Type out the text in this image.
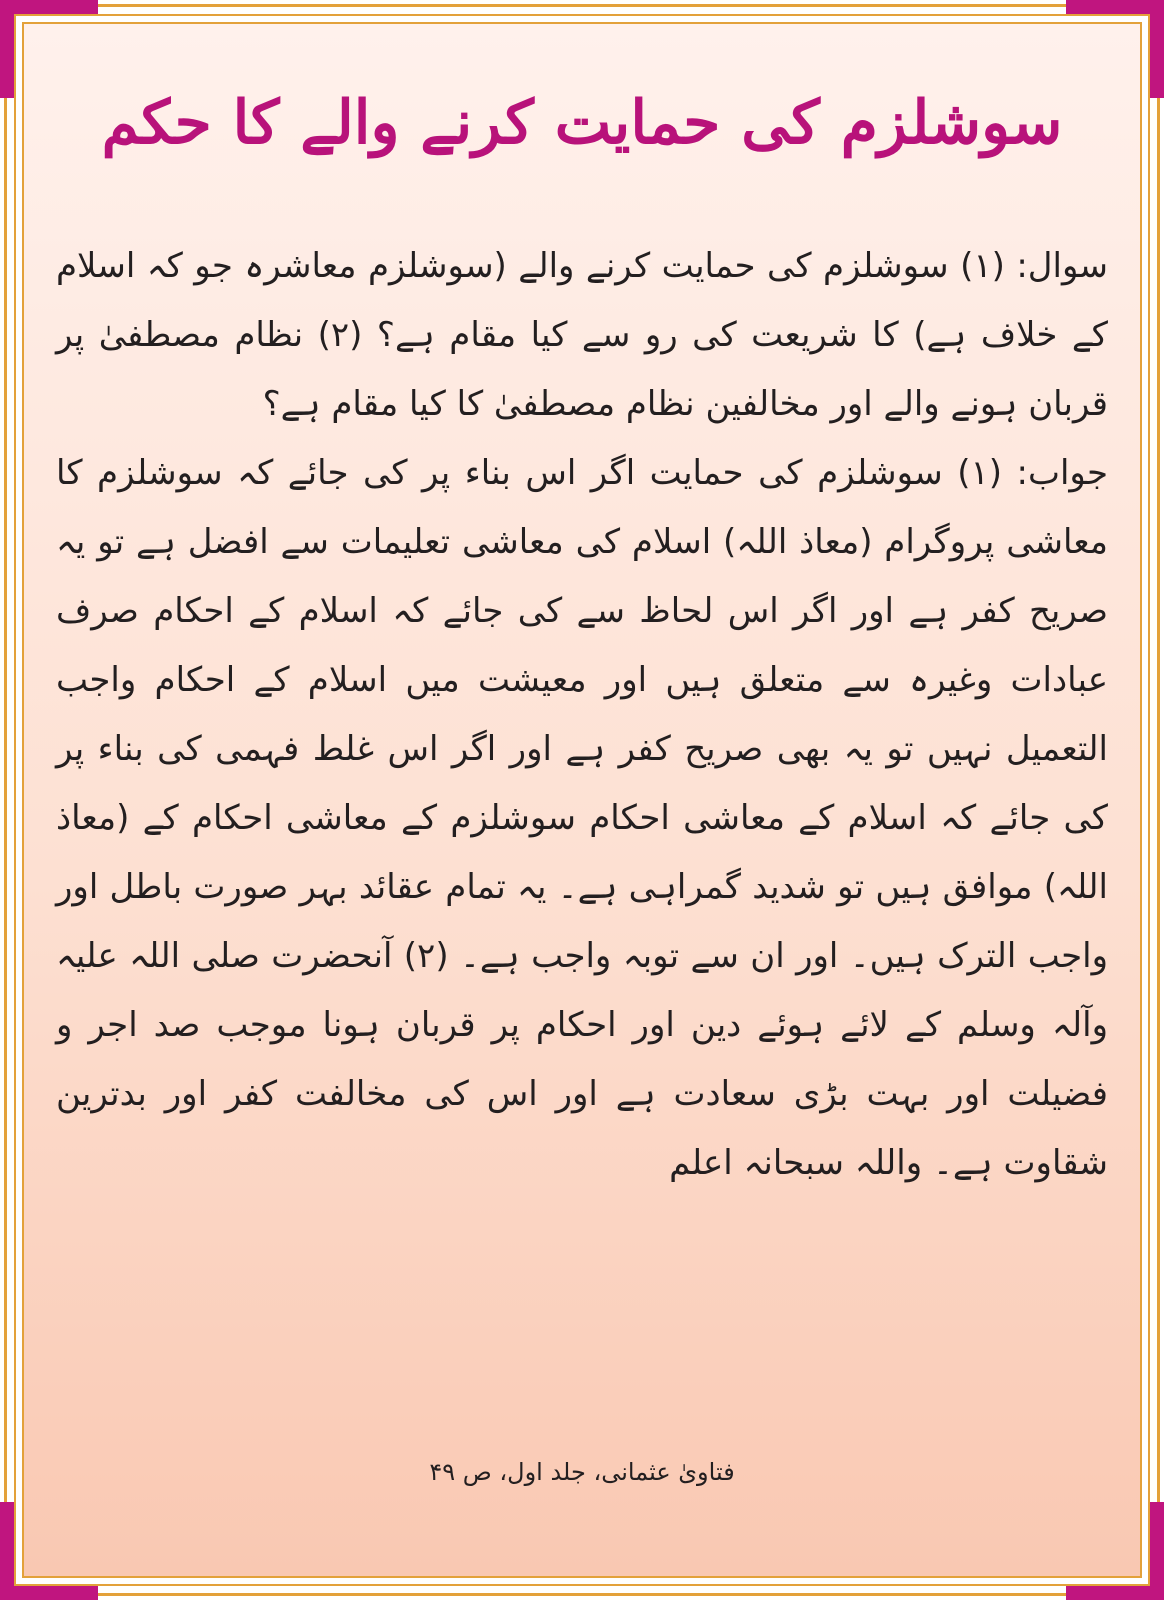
سوشلزم کی حمایت کرنے والے کا حکم

سوال: (۱) سوشلزم کی حمایت کرنے والے (سوشلزم معاشرہ جو کہ اسلام کے خلاف ہے) کا شریعت کی رو سے کیا مقام ہے؟ (۲) نظام مصطفیٰ پر قربان ہونے والے اور مخالفین نظام مصطفیٰ کا کیا مقام ہے؟

جواب: (۱) سوشلزم کی حمایت اگر اس بناء پر کی جائے کہ سوشلزم کا معاشی پروگرام (معاذ اللہ) اسلام کی معاشی تعلیمات سے افضل ہے تو یہ صریح کفر ہے اور اگر اس لحاظ سے کی جائے کہ اسلام کے احکام صرف عبادات وغیرہ سے متعلق ہیں اور معیشت میں اسلام کے احکام واجب التعمیل نہیں تو یہ بھی صریح کفر ہے اور اگر اس غلط فہمی کی بناء پر کی جائے کہ اسلام کے معاشی احکام سوشلزم کے معاشی احکام کے (معاذ اللہ) موافق ہیں تو شدید گمراہی ہے۔ یہ تمام عقائد بہر صورت باطل اور واجب الترک ہیں۔ اور ان سے توبہ واجب ہے۔ (۲) آنحضرت صلی اللہ علیہ وآلہ وسلم کے لائے ہوئے دین اور احکام پر قربان ہونا موجب صد اجر و فضیلت اور بہت بڑی سعادت ہے اور اس کی مخالفت کفر اور بدترین شقاوت ہے۔ واللہ سبحانہ اعلم

فتاویٰ عثمانی، جلد اول، ص ۴۹
